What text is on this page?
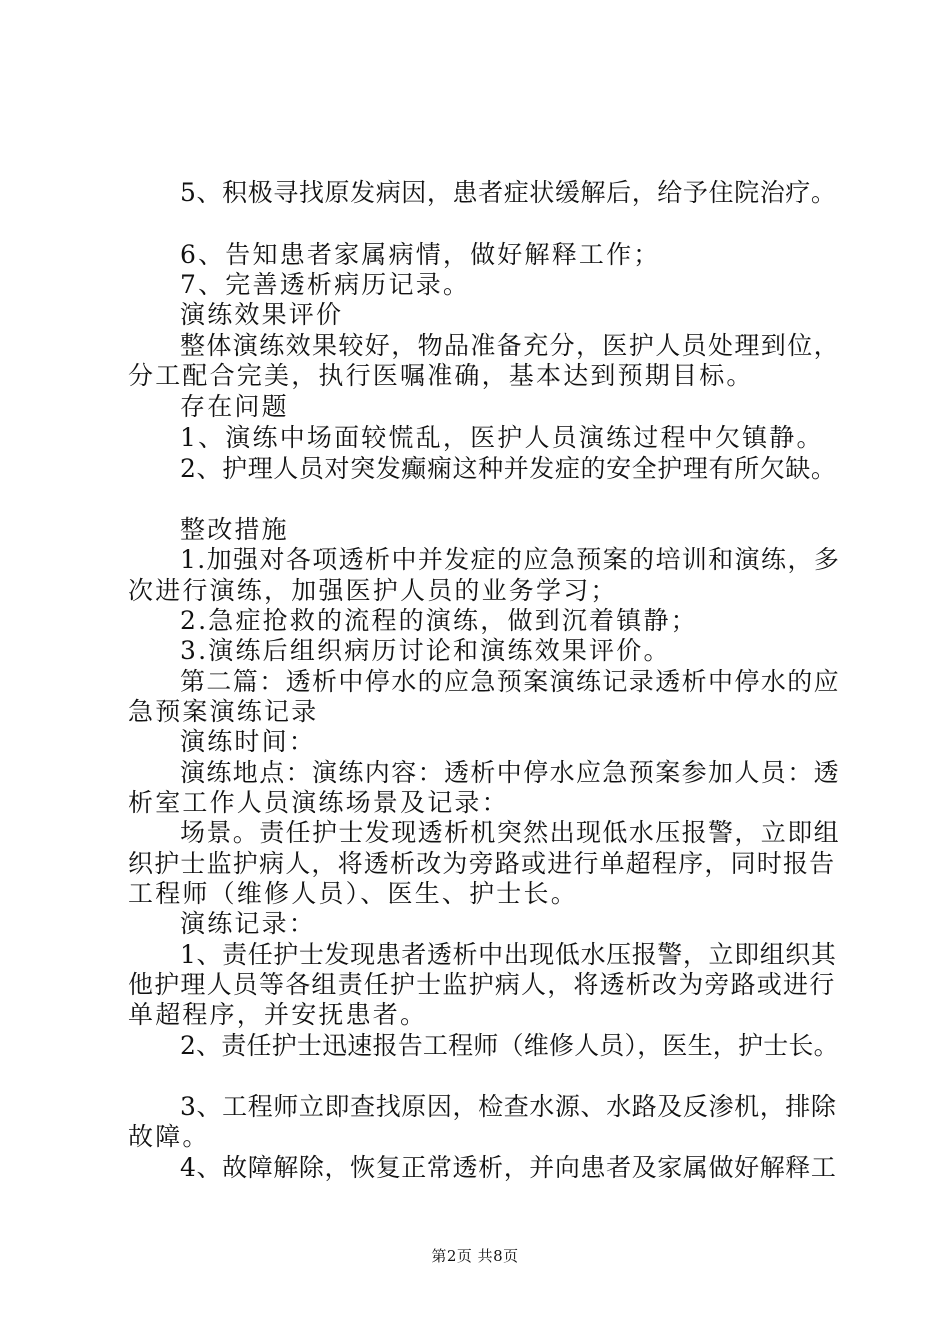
5、积极寻找原发病因，患者症状缓解后，给予住院治疗。
6、告知患者家属病情，做好解释工作；
7、完善透析病历记录。
演练效果评价
整体演练效果较好，物品准备充分，医护人员处理到位，
分工配合完美，执行医嘱准确，基本达到预期目标。
存在问题
1、演练中场面较慌乱，医护人员演练过程中欠镇静。
2、护理人员对突发癫痫这种并发症的安全护理有所欠缺。
整改措施
1.加强对各项透析中并发症的应急预案的培训和演练，多
次进行演练，加强医护人员的业务学习；
2.急症抢救的流程的演练，做到沉着镇静；
3.演练后组织病历讨论和演练效果评价。
第二篇：透析中停水的应急预案演练记录透析中停水的应
急预案演练记录
演练时间：
演练地点：演练内容：透析中停水应急预案参加人员：透
析室工作人员演练场景及记录：
场景。责任护士发现透析机突然出现低水压报警，立即组
织护士监护病人，将透析改为旁路或进行单超程序，同时报告
工程师（维修人员）、医生、护士长。
演练记录：
1、责任护士发现患者透析中出现低水压报警，立即组织其
他护理人员等各组责任护士监护病人，将透析改为旁路或进行
单超程序，并安抚患者。
2、责任护士迅速报告工程师（维修人员），医生，护士长。
3、工程师立即查找原因，检查水源、水路及反渗机，排除
故障。
4、故障解除，恢复正常透析，并向患者及家属做好解释工
第2页 共8页
